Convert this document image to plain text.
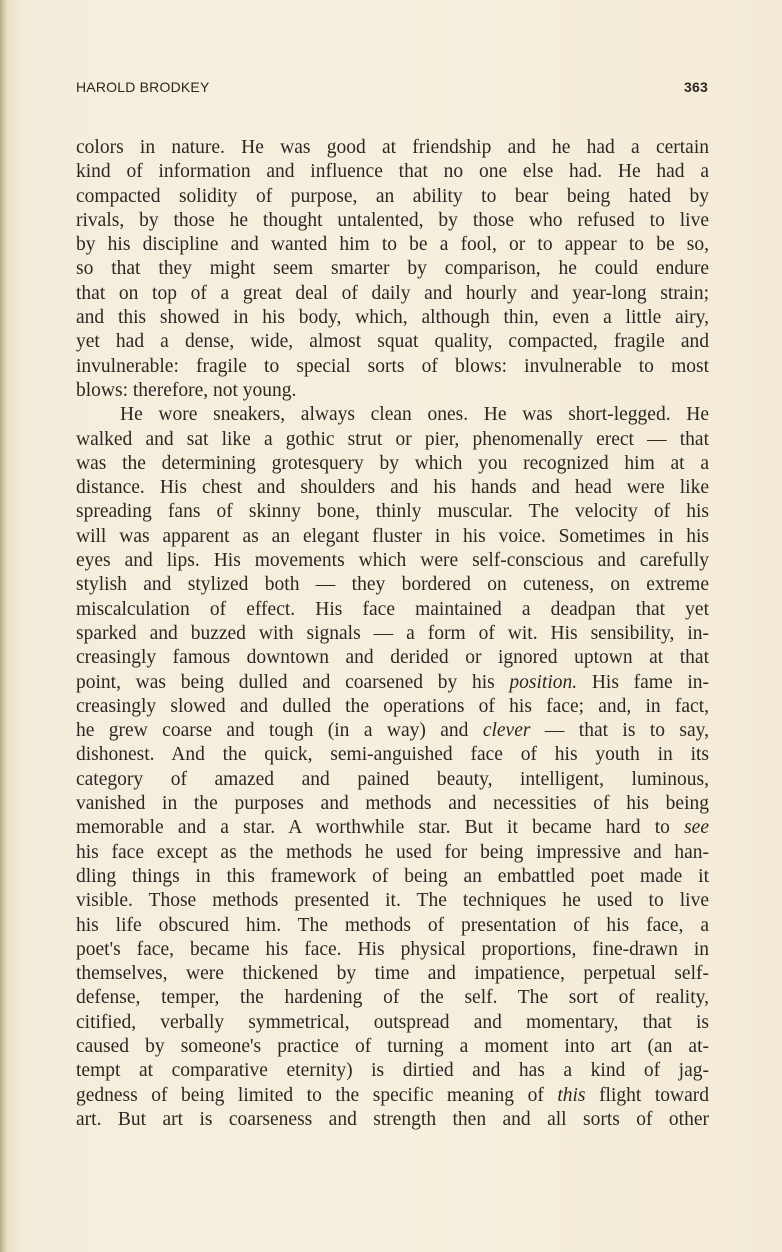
HAROLD BRODKEY	363
colors in nature. He was good at friendship and he had a certain
kind of information and influence that no one else had. He had a
compacted solidity of purpose, an ability to bear being hated by
rivals, by those he thought untalented, by those who refused to live
by his discipline and wanted him to be a fool, or to appear to be so,
so that they might seem smarter by comparison, he could endure
that on top of a great deal of daily and hourly and year-long strain;
and this showed in his body, which, although thin, even a little airy,
yet had a dense, wide, almost squat quality, compacted, fragile and
invulnerable: fragile to special sorts of blows: invulnerable to most
blows: therefore, not young.
He wore sneakers, always clean ones. He was short-legged. He
walked and sat like a gothic strut or pier, phenomenally erect — that
was the determining grotesquery by which you recognized him at a
distance. His chest and shoulders and his hands and head were like
spreading fans of skinny bone, thinly muscular. The velocity of his
will was apparent as an elegant fluster in his voice. Sometimes in his
eyes and lips. His movements which were self-conscious and carefully
stylish and stylized both — they bordered on cuteness, on extreme
miscalculation of effect. His face maintained a deadpan that yet
sparked and buzzed with signals — a form of wit. His sensibility, in-
creasingly famous downtown and derided or ignored uptown at that
point, was being dulled and coarsened by his position. His fame in-
creasingly slowed and dulled the operations of his face; and, in fact,
he grew coarse and tough (in a way) and clever — that is to say,
dishonest. And the quick, semi-anguished face of his youth in its
category of amazed and pained beauty, intelligent, luminous,
vanished in the purposes and methods and necessities of his being
memorable and a star. A worthwhile star. But it became hard to see
his face except as the methods he used for being impressive and han-
dling things in this framework of being an embattled poet made it
visible. Those methods presented it. The techniques he used to live
his life obscured him. The methods of presentation of his face, a
poet's face, became his face. His physical proportions, fine-drawn in
themselves, were thickened by time and impatience, perpetual self-
defense, temper, the hardening of the self. The sort of reality,
citified, verbally symmetrical, outspread and momentary, that is
caused by someone's practice of turning a moment into art (an at-
tempt at comparative eternity) is dirtied and has a kind of jag-
gedness of being limited to the specific meaning of this flight toward
art. But art is coarseness and strength then and all sorts of other
